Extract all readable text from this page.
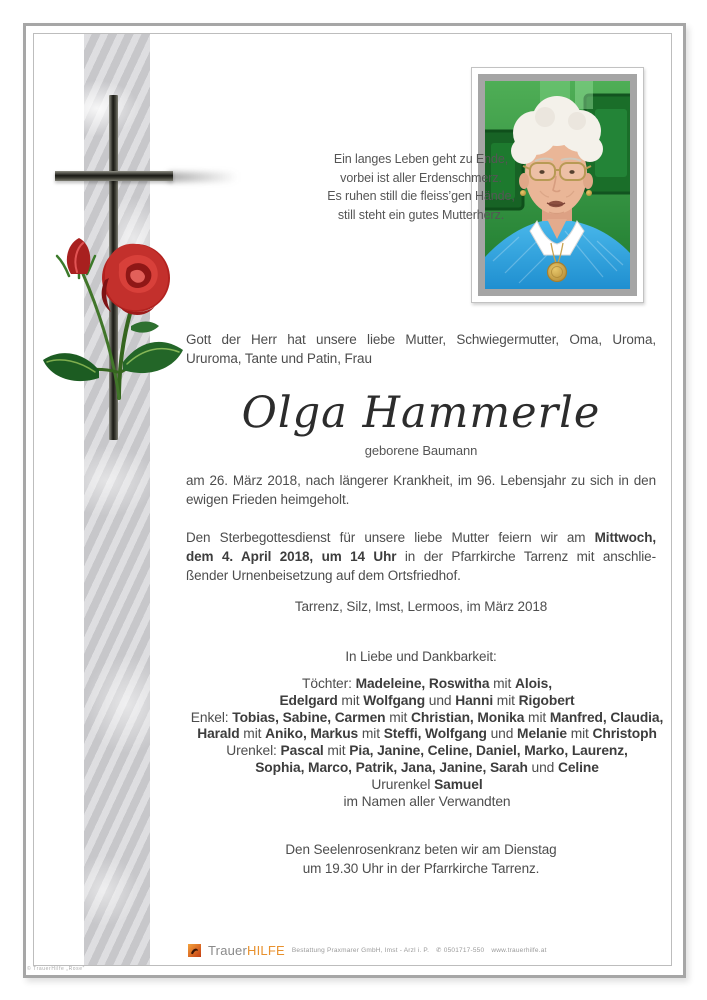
Ein langes Leben geht zu Ende,
vorbei ist aller Erdenschmerz.
Es ruhen still die fleiss’gen Hände,
still steht ein gutes Mutterherz.
Gott der Herr hat unsere liebe Mutter, Schwiegermutter, Oma, Uroma,
Ururoma, Tante und Patin, Frau
Olga Hammerle
geborene Baumann
am 26. März 2018, nach längerer Krankheit, im 96. Lebensjahr zu sich in den
ewigen Frieden heimgeholt.
Den Sterbegottesdienst für unsere liebe Mutter feiern wir am Mittwoch,
dem 4. April 2018, um 14 Uhr in der Pfarrkirche Tarrenz mit anschlie-
ßender Urnenbeisetzung auf dem Ortsfriedhof.
Tarrenz, Silz, Imst, Lermoos, im März 2018
In Liebe und Dankbarkeit:
Töchter: Madeleine, Roswitha mit Alois,
Edelgard mit Wolfgang und Hanni mit Rigobert
Enkel: Tobias, Sabine, Carmen mit Christian, Monika mit Manfred, Claudia,
Harald mit Aniko, Markus mit Steffi, Wolfgang und Melanie mit Christoph
Urenkel: Pascal mit Pia, Janine, Celine, Daniel, Marko, Laurenz,
Sophia, Marco, Patrik, Jana, Janine, Sarah und Celine
Ururenkel Samuel
im Namen aller Verwandten
Den Seelenrosenkranz beten wir am Dienstag
um 19.30 Uhr in der Pfarrkirche Tarrenz.
TrauerHILFE Bestattung Praxmarer GmbH, Imst - Arzl i. P. ✆ 0501717-550 www.trauerhilfe.at
© TrauerHilfe „Rose“
